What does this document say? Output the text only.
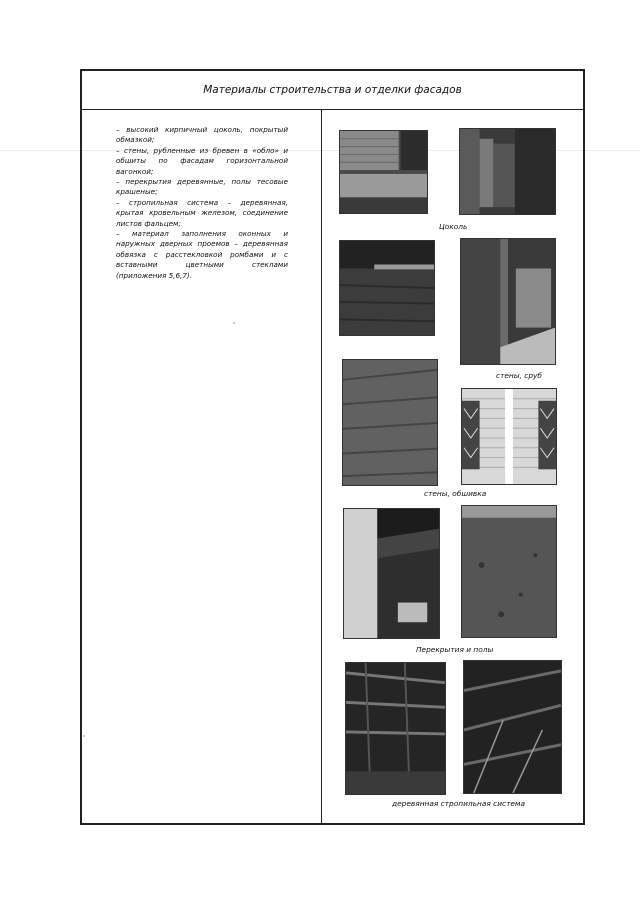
Материалы строительства и отделки фасадов

– высокий кирпичный цоколь, покрытый обмазкой;

– стены, рубленные из бревен в «обло» и обшиты по фасадам горизонтальной вагонкой;

– перекрытия деревянные, полы тесовые крашеные;

– стропильная система – деревянная, крытая кровельным железом, соединение листов фальцем;

– материал заполнения оконных и наружных дверных проемов – деревянная обвязка с расстекловкой ромбами и с вставными цветными стеклами (приложения 5,6,7).

Цоколь
стены, сруб
стены, обшивка
Перекрытия и полы
деревянная стропильная система
